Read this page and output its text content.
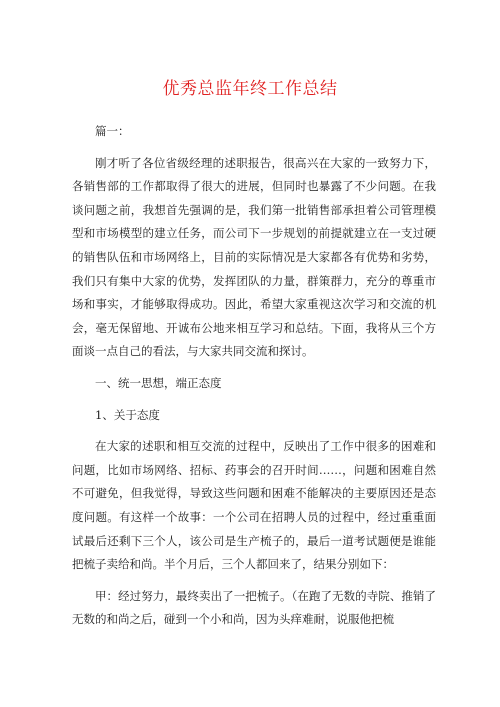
优秀总监年终工作总结

篇一：

刚才听了各位省级经理的述职报告，很高兴在大家的一致努力下，各销售部的工作都取得了很大的进展，但同时也暴露了不少问题。在我谈问题之前，我想首先强调的是，我们第一批销售部承担着公司管理模型和市场模型的建立任务，而公司下一步规划的前提就建立在一支过硬的销售队伍和市场网络上，目前的实际情况是大家都各有优势和劣势，我们只有集中大家的优势，发挥团队的力量，群策群力，充分的尊重市场和事实，才能够取得成功。因此，希望大家重视这次学习和交流的机会，毫无保留地、开诚布公地来相互学习和总结。下面，我将从三个方面谈一点自己的看法，与大家共同交流和探讨。

一、统一思想，端正态度

1、关于态度

在大家的述职和相互交流的过程中，反映出了工作中很多的困难和问题，比如市场网络、招标、药事会的召开时间……，问题和困难自然不可避免，但我觉得，导致这些问题和困难不能解决的主要原因还是态度问题。有这样一个故事：一个公司在招聘人员的过程中，经过重重面试最后还剩下三个人，该公司是生产梳子的，最后一道考试题便是谁能把梳子卖给和尚。半个月后，三个人都回来了，结果分别如下：

甲：经过努力，最终卖出了一把梳子。（在跑了无数的寺院、推销了无数的和尚之后，碰到一个小和尚，因为头痒难耐，说服他把梳
